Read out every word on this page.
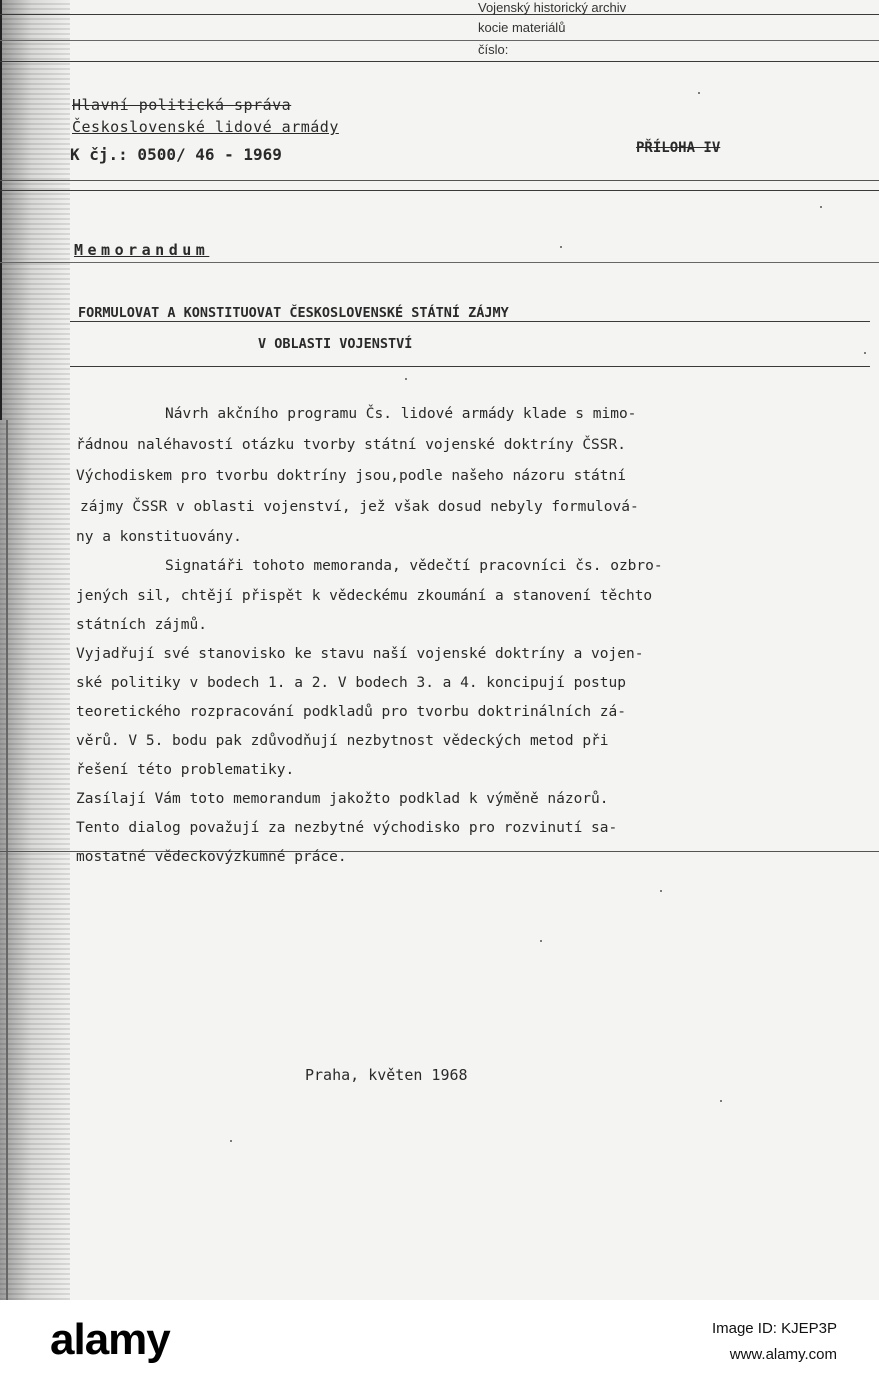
Vojenský historický archiv
kocie materiálů
číslo:
Hlavní politická správa
Československé lidové armády
K čj.: 0500/ 46 - 1969	PŘÍLOHA IV
Memorandum
FORMULOVAT A KONSTITUOVAT ČESKOSLOVENSKÉ STÁTNÍ ZÁJMY
V OBLASTI VOJENSTVÍ
Návrh akčního programu Čs. lidové armády klade s mimo-
řádnou naléhavostí otázku tvorby státní vojenské doktríny ČSSR.
Východiskem pro tvorbu doktríny jsou,podle našeho názoru státní
zájmy ČSSR v oblasti vojenství, jež však dosud nebyly formulová-
ny a konstituovány.
Signatáři tohoto memoranda, vědečtí pracovníci čs. ozbro-
jených sil, chtějí přispět k vědeckému zkoumání a stanovení těchto
státních zájmů.
Vyjadřují své stanovisko ke stavu naší vojenské doktríny a vojen-
ské politiky v bodech 1. a 2. V bodech 3. a 4. koncipují postup
teoretického rozpracování podkladů pro tvorbu doktrinálních zá-
věrů. V 5. bodu pak zdůvodňují nezbytnost vědeckých metod při
řešení této problematiky.
Zasílají Vám toto memorandum jakožto podklad k výměně názorů.
Tento dialog považují za nezbytné východisko pro rozvinutí sa-
mostatné vědeckovýzkumné práce.
Praha, květen 1968
alamy	Image ID: KJEP3P
www.alamy.com
